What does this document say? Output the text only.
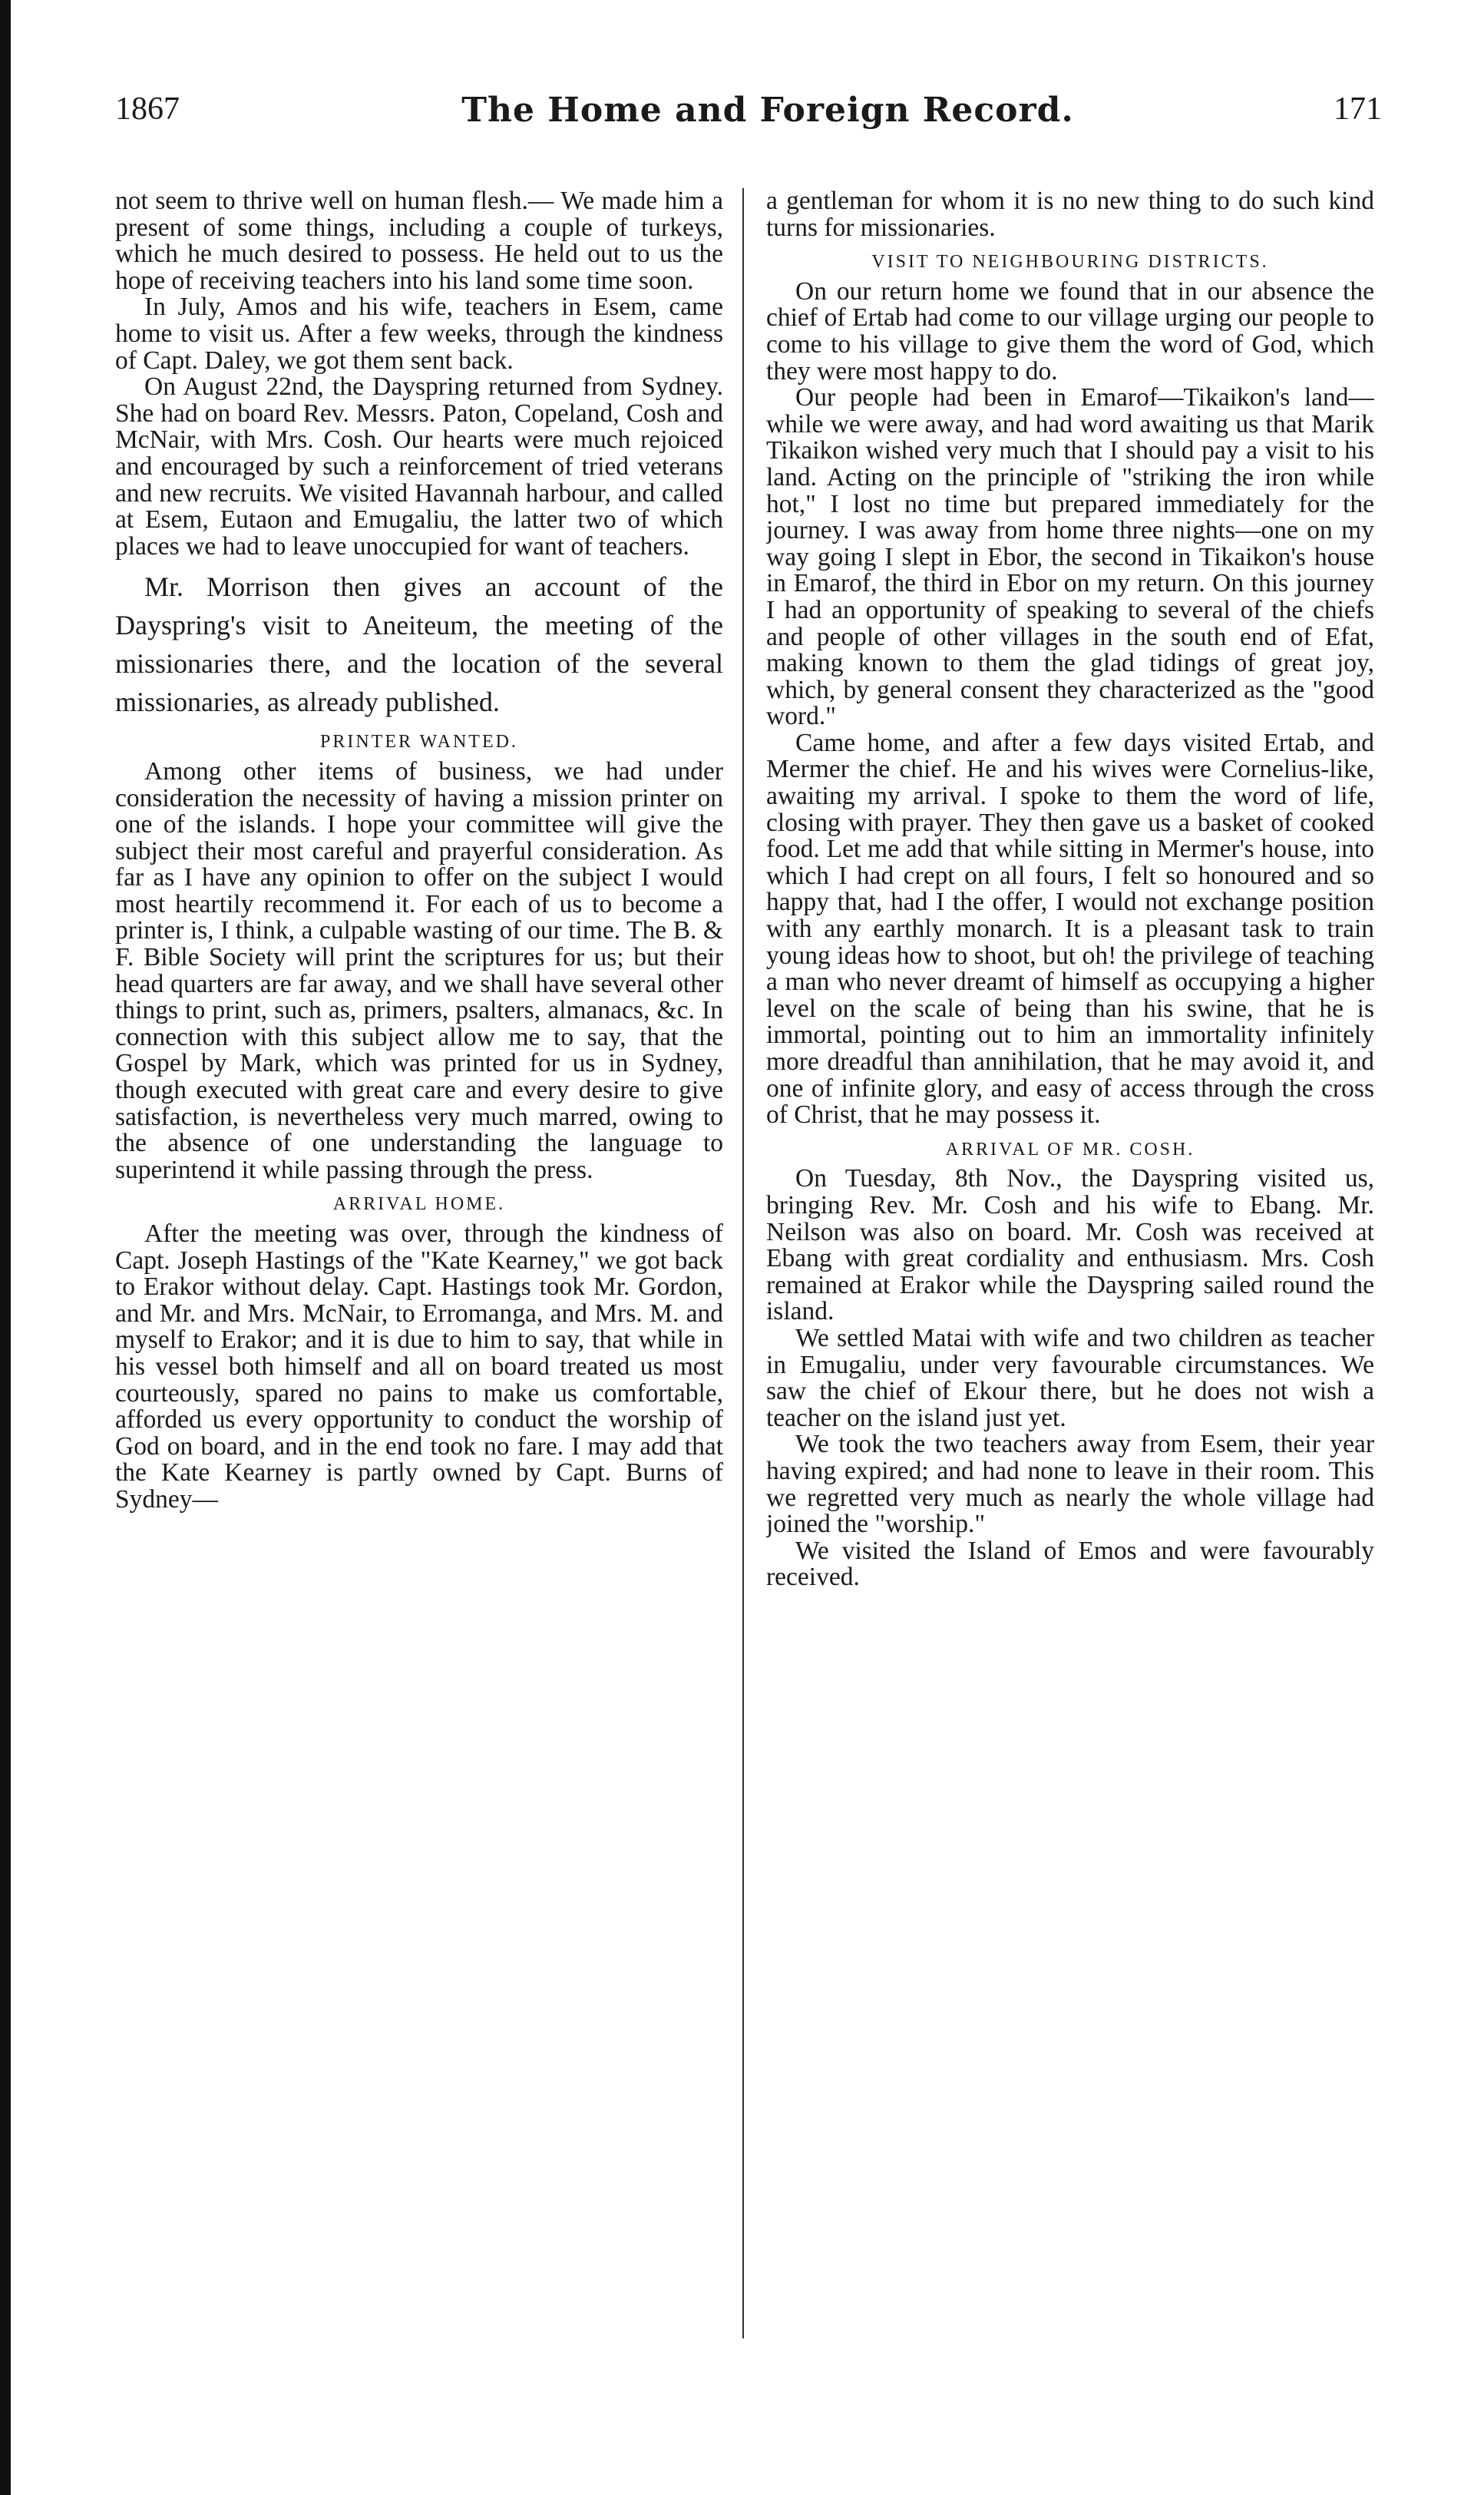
1867	The Home and Foreign Record.	171

not seem to thrive well on human flesh.— We made him a present of some things, including a couple of turkeys, which he much desired to possess. He held out to us the hope of receiving teachers into his land some time soon.

In July, Amos and his wife, teachers in Esem, came home to visit us. After a few weeks, through the kindness of Capt. Daley, we got them sent back.

On August 22nd, the Dayspring returned from Sydney. She had on board Rev. Messrs. Paton, Copeland, Cosh and McNair, with Mrs. Cosh. Our hearts were much rejoiced and encouraged by such a reinforcement of tried veterans and new recruits. We visited Havannah harbour, and called at Esem, Eutaon and Emugaliu, the latter two of which places we had to leave unoccupied for want of teachers.

Mr. Morrison then gives an account of the Dayspring's visit to Aneiteum, the meeting of the missionaries there, and the location of the several missionaries, as already published.

PRINTER WANTED.

Among other items of business, we had under consideration the necessity of having a mission printer on one of the islands. I hope your committee will give the subject their most careful and prayerful consideration. As far as I have any opinion to offer on the subject I would most heartily recommend it. For each of us to become a printer is, I think, a culpable wasting of our time. The B. & F. Bible Society will print the scriptures for us; but their head quarters are far away, and we shall have several other things to print, such as, primers, psalters, almanacs, &c. In connection with this subject allow me to say, that the Gospel by Mark, which was printed for us in Sydney, though executed with great care and every desire to give satisfaction, is nevertheless very much marred, owing to the absence of one understanding the language to superintend it while passing through the press.

ARRIVAL HOME.

After the meeting was over, through the kindness of Capt. Joseph Hastings of the "Kate Kearney," we got back to Erakor without delay. Capt. Hastings took Mr. Gordon, and Mr. and Mrs. McNair, to Erromanga, and Mrs. M. and myself to Erakor; and it is due to him to say, that while in his vessel both himself and all on board treated us most courteously, spared no pains to make us comfortable, afforded us every opportunity to conduct the worship of God on board, and in the end took no fare. I may add that the Kate Kearney is partly owned by Capt. Burns of Sydney—

a gentleman for whom it is no new thing to do such kind turns for missionaries.

VISIT TO NEIGHBOURING DISTRICTS.

On our return home we found that in our absence the chief of Ertab had come to our village urging our people to come to his village to give them the word of God, which they were most happy to do.

Our people had been in Emarof—Tikaikon's land—while we were away, and had word awaiting us that Marik Tikaikon wished very much that I should pay a visit to his land. Acting on the principle of "striking the iron while hot," I lost no time but prepared immediately for the journey. I was away from home three nights—one on my way going I slept in Ebor, the second in Tikaikon's house in Emarof, the third in Ebor on my return. On this journey I had an opportunity of speaking to several of the chiefs and people of other villages in the south end of Efat, making known to them the glad tidings of great joy, which, by general consent they characterized as the "good word."

Came home, and after a few days visited Ertab, and Mermer the chief. He and his wives were Cornelius-like, awaiting my arrival. I spoke to them the word of life, closing with prayer. They then gave us a basket of cooked food. Let me add that while sitting in Mermer's house, into which I had crept on all fours, I felt so honoured and so happy that, had I the offer, I would not exchange position with any earthly monarch. It is a pleasant task to train young ideas how to shoot, but oh! the privilege of teaching a man who never dreamt of himself as occupying a higher level on the scale of being than his swine, that he is immortal, pointing out to him an immortality infinitely more dreadful than annihilation, that he may avoid it, and one of infinite glory, and easy of access through the cross of Christ, that he may possess it.

ARRIVAL OF MR. COSH.

On Tuesday, 8th Nov., the Dayspring visited us, bringing Rev. Mr. Cosh and his wife to Ebang. Mr. Neilson was also on board. Mr. Cosh was received at Ebang with great cordiality and enthusiasm. Mrs. Cosh remained at Erakor while the Dayspring sailed round the island.

We settled Matai with wife and two children as teacher in Emugaliu, under very favourable circumstances. We saw the chief of Ekour there, but he does not wish a teacher on the island just yet.

We took the two teachers away from Esem, their year having expired; and had none to leave in their room. This we regretted very much as nearly the whole village had joined the "worship."

We visited the Island of Emos and were favourably received.
